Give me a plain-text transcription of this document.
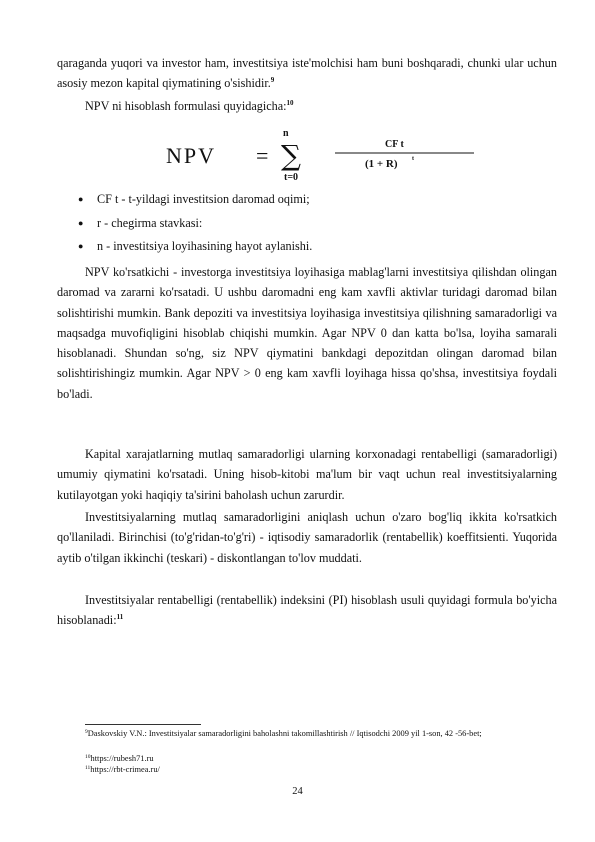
qaraganda yuqori va investor ham, investitsiya iste'molchisi ham buni boshqaradi, chunki ular uchun asosiy mezon kapital qiymatining o'sishidir.$^9$

NPV ni hisoblash formulasi quyidagicha:$^{10}$

NPV =
n
∑
t=0
CF t
(1 + R) t
● CF t - t-yildagi investitsion daromad oqimi;
● r - chegirma stavkasi:
● n - investitsiya loyihasining hayot aylanishi.

NPV ko'rsatkichi - investorga investitsiya loyihasiga mablag'larni investitsiya qilishdan olingan daromad va zararni ko'rsatadi. U ushbu daromadni eng kam xavfli aktivlar turidagi daromad bilan solishtirishi mumkin. Bank depoziti va investitsiya loyihasiga investitsiya qilishning samaradorligi va maqsadga muvofiqligini hisoblab chiqishi mumkin. Agar NPV 0 dan katta bo'lsa, loyiha samarali hisoblanadi. Shundan so'ng, siz NPV qiymatini bankdagi depozitdan olingan daromad bilan solishtirishingiz mumkin. Agar NPV > 0 eng kam xavfli loyihaga hissa qo'shsa, investitsiya foydali bo'ladi.

Kapital xarajatlarning mutlaq samaradorligi ularning korxonadagi rentabelligi (samaradorligi) umumiy qiymatini ko'rsatadi. Uning hisob-kitobi ma'lum bir vaqt uchun real investitsiyalarning kutilayotgan yoki haqiqiy ta'sirini baholash uchun zarurdir.

Investitsiyalarning mutlaq samaradorligini aniqlash uchun o'zaro bog'liq ikkita ko'rsatkich qo'llaniladi. Birinchisi (to'g'ridan-to'g'ri) - iqtisodiy samaradorlik (rentabellik) koeffitsienti. Yuqorida aytib o'tilgan ikkinchi (teskari) - diskontlangan to'lov muddati.

Investitsiyalar rentabelligi (rentabellik) indeksini (PI) hisoblash usuli quyidagi formula bo'yicha hisoblanadi:$^{11}$

$^9$Daskovskiy V.N.: Investitsiyalar samaradorligini baholashni takomillashtirish // Iqtisodchi 2009 yil 1-son, 42 -56-bet;

$^{10}$https://rubesh71.ru

$^{11}$https://rbt-crimea.ru/

24
